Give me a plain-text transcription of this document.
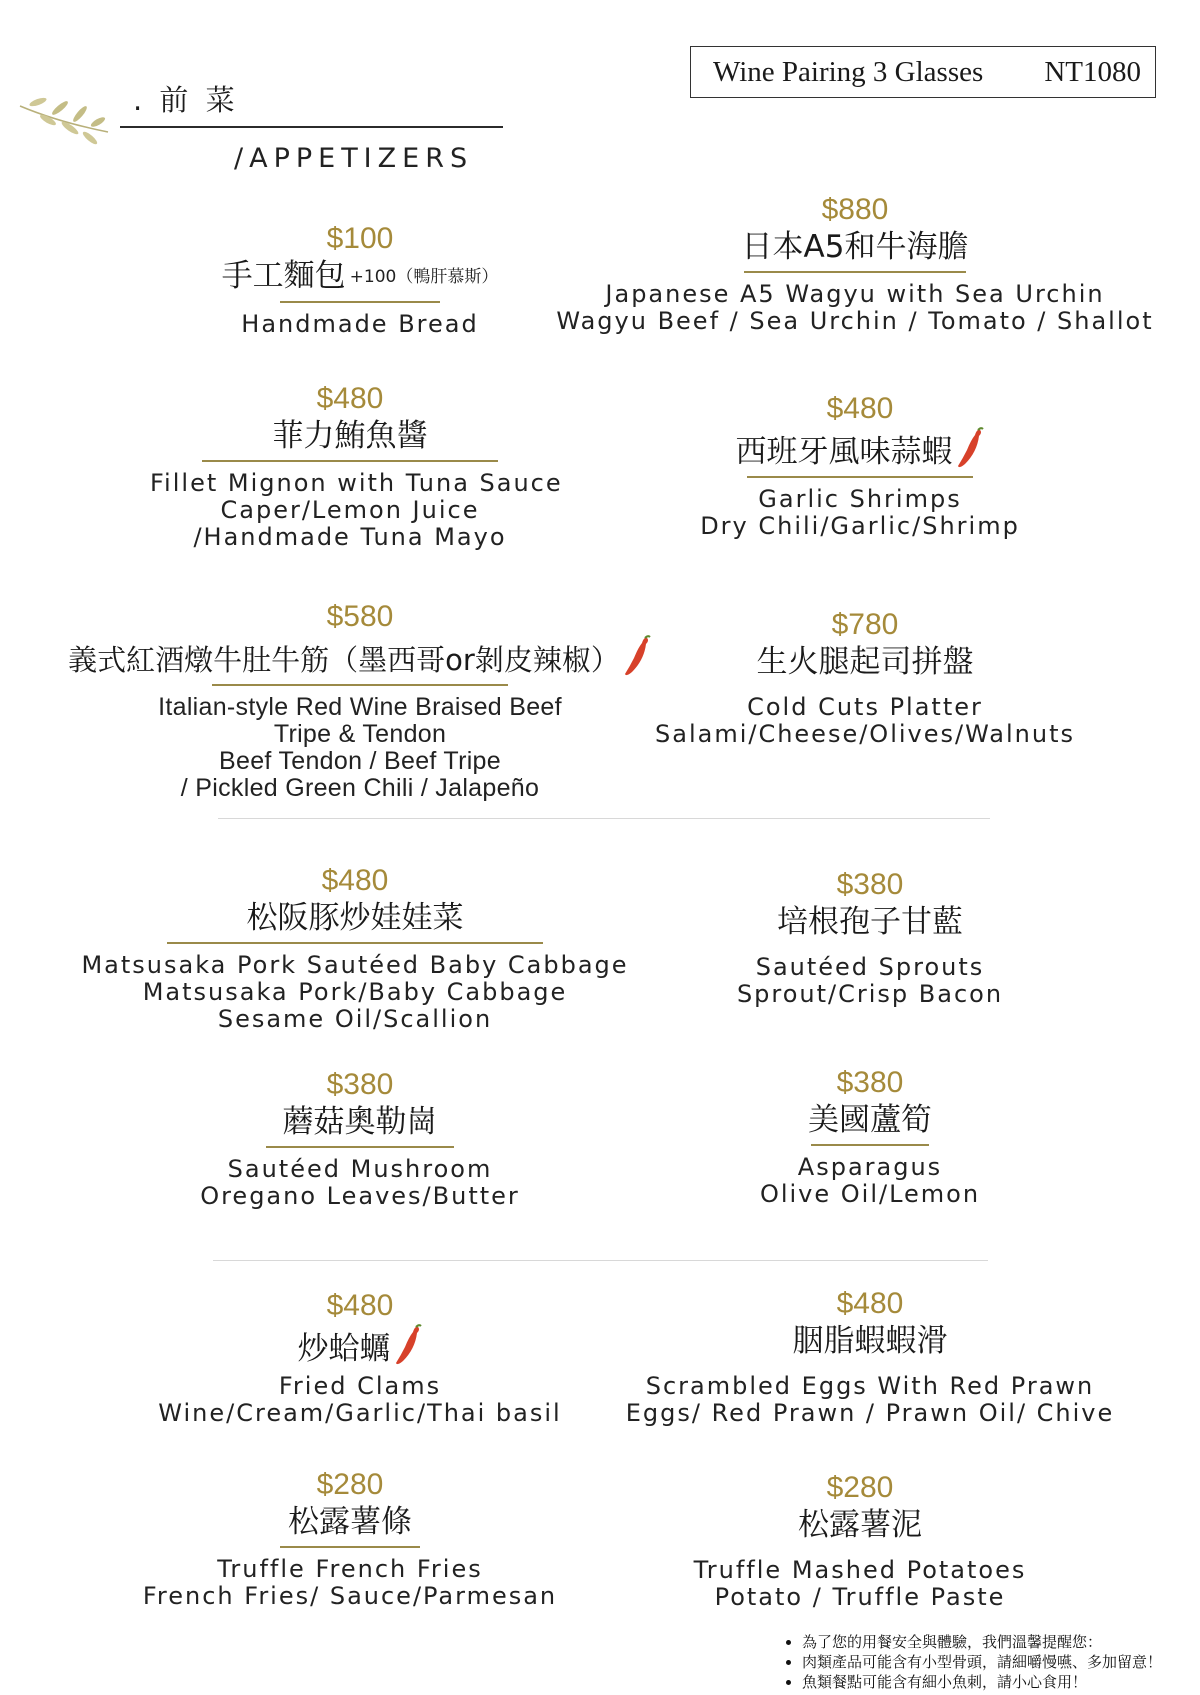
. 前 菜
/APPETIZERS
Wine Pairing 3 Glasses NT1080
$100
手工麵包 +100（鴨肝慕斯）
Handmade Bread
$880
日本A5和牛海膽
Japanese A5 Wagyu with Sea Urchin
Wagyu Beef / Sea Urchin / Tomato / Shallot
$480
菲力鮪魚醬
Fillet Mignon with Tuna Sauce
Caper/Lemon Juice
/Handmade Tuna Mayo
$480
西班牙風味蒜蝦
Garlic Shrimps
Dry Chili/Garlic/Shrimp
$580
義式紅酒燉牛肚牛筋（墨西哥or剝皮辣椒）
Italian-style Red Wine Braised Beef
Tripe & Tendon
Beef Tendon / Beef Tripe
/ Pickled Green Chili / Jalapeño
$780
生火腿起司拼盤
Cold Cuts Platter
Salami/Cheese/Olives/Walnuts
$480
松阪豚炒娃娃菜
Matsusaka Pork Sautéed Baby Cabbage
Matsusaka Pork/Baby Cabbage
Sesame Oil/Scallion
$380
培根孢子甘藍
Sautéed Sprouts
Sprout/Crisp Bacon
$380
蘑菇奧勒崗
Sautéed Mushroom
Oregano Leaves/Butter
$380
美國蘆筍
Asparagus
Olive Oil/Lemon
$480
炒蛤蠣
Fried Clams
Wine/Cream/Garlic/Thai basil
$480
胭脂蝦蝦滑
Scrambled Eggs With Red Prawn
Eggs/ Red Prawn / Prawn Oil/ Chive
$280
松露薯條
Truffle French Fries
French Fries/ Sauce/Parmesan
$280
松露薯泥
Truffle Mashed Potatoes
Potato / Truffle Paste
• 為了您的用餐安全與體驗，我們溫馨提醒您：
• 肉類產品可能含有小型骨頭，請細嚼慢嚥、多加留意！
• 魚類餐點可能含有細小魚刺，請小心食用！
